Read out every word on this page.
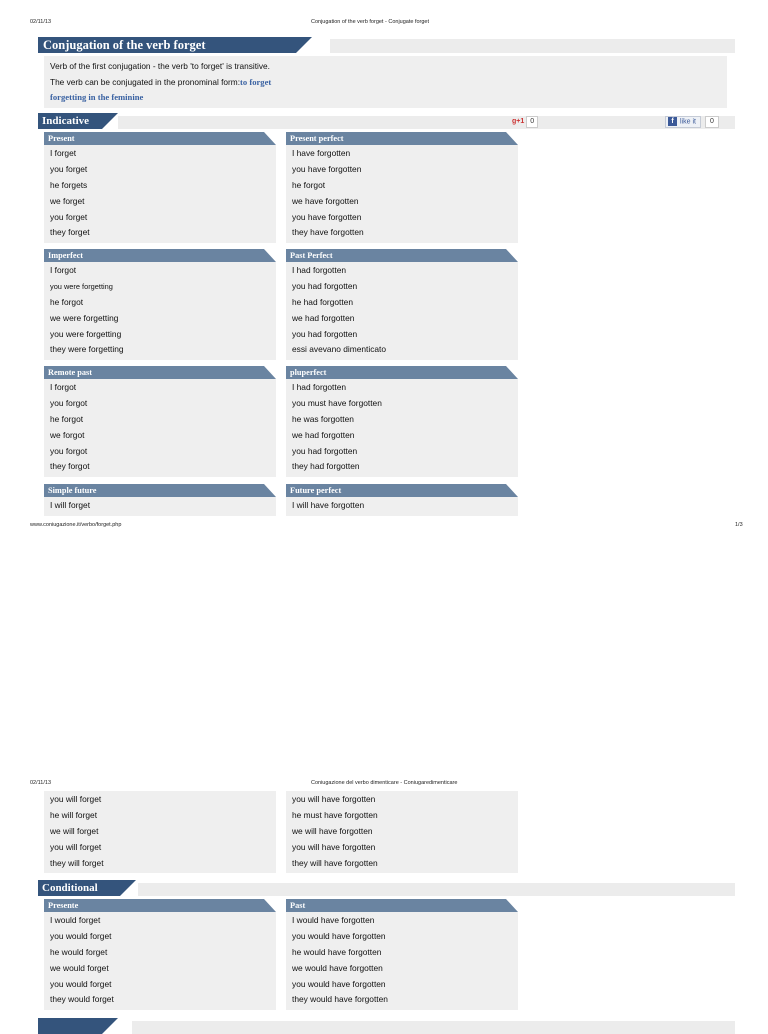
02/11/13	Conjugation of the verb forget - Conjugate forget
Conjugation of the verb forget
Verb of the first conjugation - the verb 'to forget' is transitive.
The verb can be conjugated in the pronominal form:to forget
forgetting in the feminine
Indicative	g+1 0	f like it 0
Present
I forget
you forget
he forgets
we forget
you forget
they forget
Present perfect
I have forgotten
you have forgotten
he forgot
we have forgotten
you have forgotten
they have forgotten
Imperfect
I forgot
you were forgetting
he forgot
we were forgetting
you were forgetting
they were forgetting
Past Perfect
I had forgotten
you had forgotten
he had forgotten
we had forgotten
you had forgotten
essi avevano dimenticato
Remote past
I forgot
you forgot
he forgot
we forgot
you forgot
they forgot
pluperfect
I had forgotten
you must have forgotten
he was forgotten
we had forgotten
you had forgotten
they had forgotten
Simple future
I will forget
Future perfect
I will have forgotten
www.coniugazione.it/verbo/forget.php	1/3
02/11/13	Coniugazione del verbo dimenticare - Coniugaredimenticare
you will forget
he will forget
we will forget
you will forget
they will forget
you will have forgotten
he must have forgotten
we will have forgotten
you will have forgotten
they will have forgotten
Conditional
Presente
I would forget
you would forget
he would forget
we would forget
you would forget
they would forget
Past
I would have forgotten
you would have forgotten
he would have forgotten
we would have forgotten
you would have forgotten
they would have forgotten
